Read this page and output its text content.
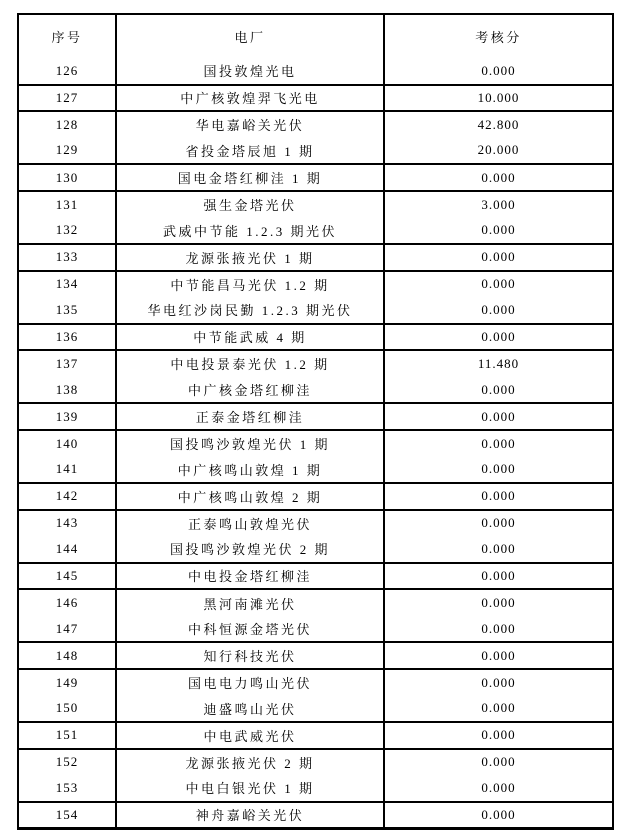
序号	电厂	考核分
126	国投敦煌光电	0.000
127	中广核敦煌羿飞光电	10.000
128	华电嘉峪关光伏	42.800
129	省投金塔辰旭 1 期	20.000
130	国电金塔红柳洼 1 期	0.000
131	强生金塔光伏	3.000
132	武威中节能 1.2.3 期光伏	0.000
133	龙源张掖光伏 1 期	0.000
134	中节能昌马光伏 1.2 期	0.000
135	华电红沙岗民勤 1.2.3 期光伏	0.000
136	中节能武威 4 期	0.000
137	中电投景泰光伏 1.2 期	11.480
138	中广核金塔红柳洼	0.000
139	正泰金塔红柳洼	0.000
140	国投鸣沙敦煌光伏 1 期	0.000
141	中广核鸣山敦煌 1 期	0.000
142	中广核鸣山敦煌 2 期	0.000
143	正泰鸣山敦煌光伏	0.000
144	国投鸣沙敦煌光伏 2 期	0.000
145	中电投金塔红柳洼	0.000
146	黑河南滩光伏	0.000
147	中科恒源金塔光伏	0.000
148	知行科技光伏	0.000
149	国电电力鸣山光伏	0.000
150	迪盛鸣山光伏	0.000
151	中电武威光伏	0.000
152	龙源张掖光伏 2 期	0.000
153	中电白银光伏 1 期	0.000
154	神舟嘉峪关光伏	0.000
